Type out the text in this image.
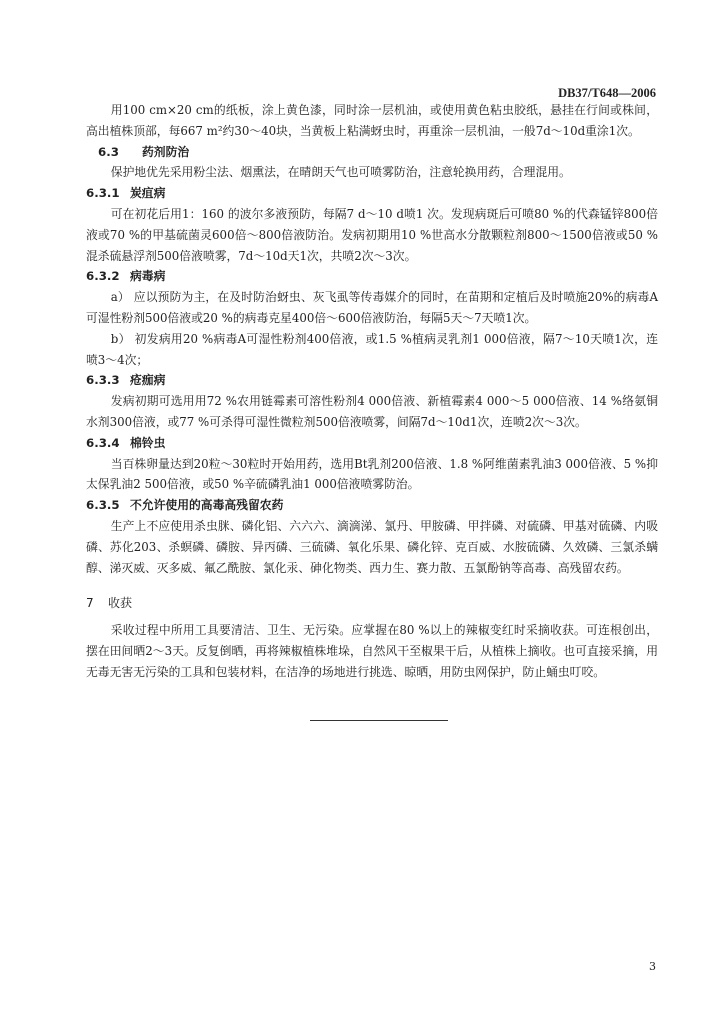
DB37/T648—2006

用100 cm×20 cm的纸板，涂上黄色漆，同时涂一层机油，或使用黄色粘虫胶纸，悬挂在行间或株间，高出植株顶部，每667 m²约30～40块，当黄板上粘满蚜虫时，再重涂一层机油，一般7d～10d重涂1次。

6.3 药剂防治

保护地优先采用粉尘法、烟熏法，在晴朗天气也可喷雾防治，注意轮换用药，合理混用。

6.3.1 炭疽病

可在初花后用1：160 的波尔多液预防，每隔7 d～10 d喷1 次。发现病斑后可喷80 %的代森锰锌800倍液或70 %的甲基硫菌灵600倍～800倍液防治。发病初期用10 %世高水分散颗粒剂800～1500倍液或50 %混杀硫悬浮剂500倍液喷雾，7d～10d天1次，共喷2次～3次。

6.3.2 病毒病

a） 应以预防为主，在及时防治蚜虫、灰飞虱等传毒媒介的同时，在苗期和定植后及时喷施20%的病毒A可湿性粉剂500倍液或20 %的病毒克星400倍～600倍液防治，每隔5天～7天喷1次。

b） 初发病用20 %病毒A可湿性粉剂400倍液，或1.5 %植病灵乳剂1 000倍液，隔7～10天喷1次，连喷3～4次；

6.3.3 疮痂病

发病初期可选用用72 %农用链霉素可溶性粉剂4 000倍液、新植霉素4 000～5 000倍液、14 %络氨铜水剂300倍液，或77 %可杀得可湿性微粒剂500倍液喷雾，间隔7d～10d1次，连喷2次～3次。

6.3.4 棉铃虫

当百株卵量达到20粒～30粒时开始用药，选用Bt乳剂200倍液、1.8 %阿维菌素乳油3 000倍液、5 %抑太保乳油2 500倍液，或50 %辛硫磷乳油1 000倍液喷雾防治。

6.3.5 不允许使用的高毒高残留农药

生产上不应使用杀虫脒、磷化铝、六六六、滴滴涕、氯丹、甲胺磷、甲拌磷、对硫磷、甲基对硫磷、内吸磷、苏化203、杀螟磷、磷胺、异丙磷、三硫磷、氧化乐果、磷化锌、克百威、水胺硫磷、久效磷、三氯杀螨醇、涕灭威、灭多威、氟乙酰胺、氯化汞、砷化物类、西力生、赛力散、五氯酚钠等高毒、高残留农药。

7 收获

采收过程中所用工具要清洁、卫生、无污染。应掌握在80 %以上的辣椒变红时采摘收获。可连根创出，摆在田间晒2～3天。反复倒晒，再将辣椒植株堆垛，自然风干至椒果干后，从植株上摘收。也可直接采摘，用无毒无害无污染的工具和包装材料，在洁净的场地进行挑选、晾晒，用防虫网保护，防止蛹虫叮咬。

3
